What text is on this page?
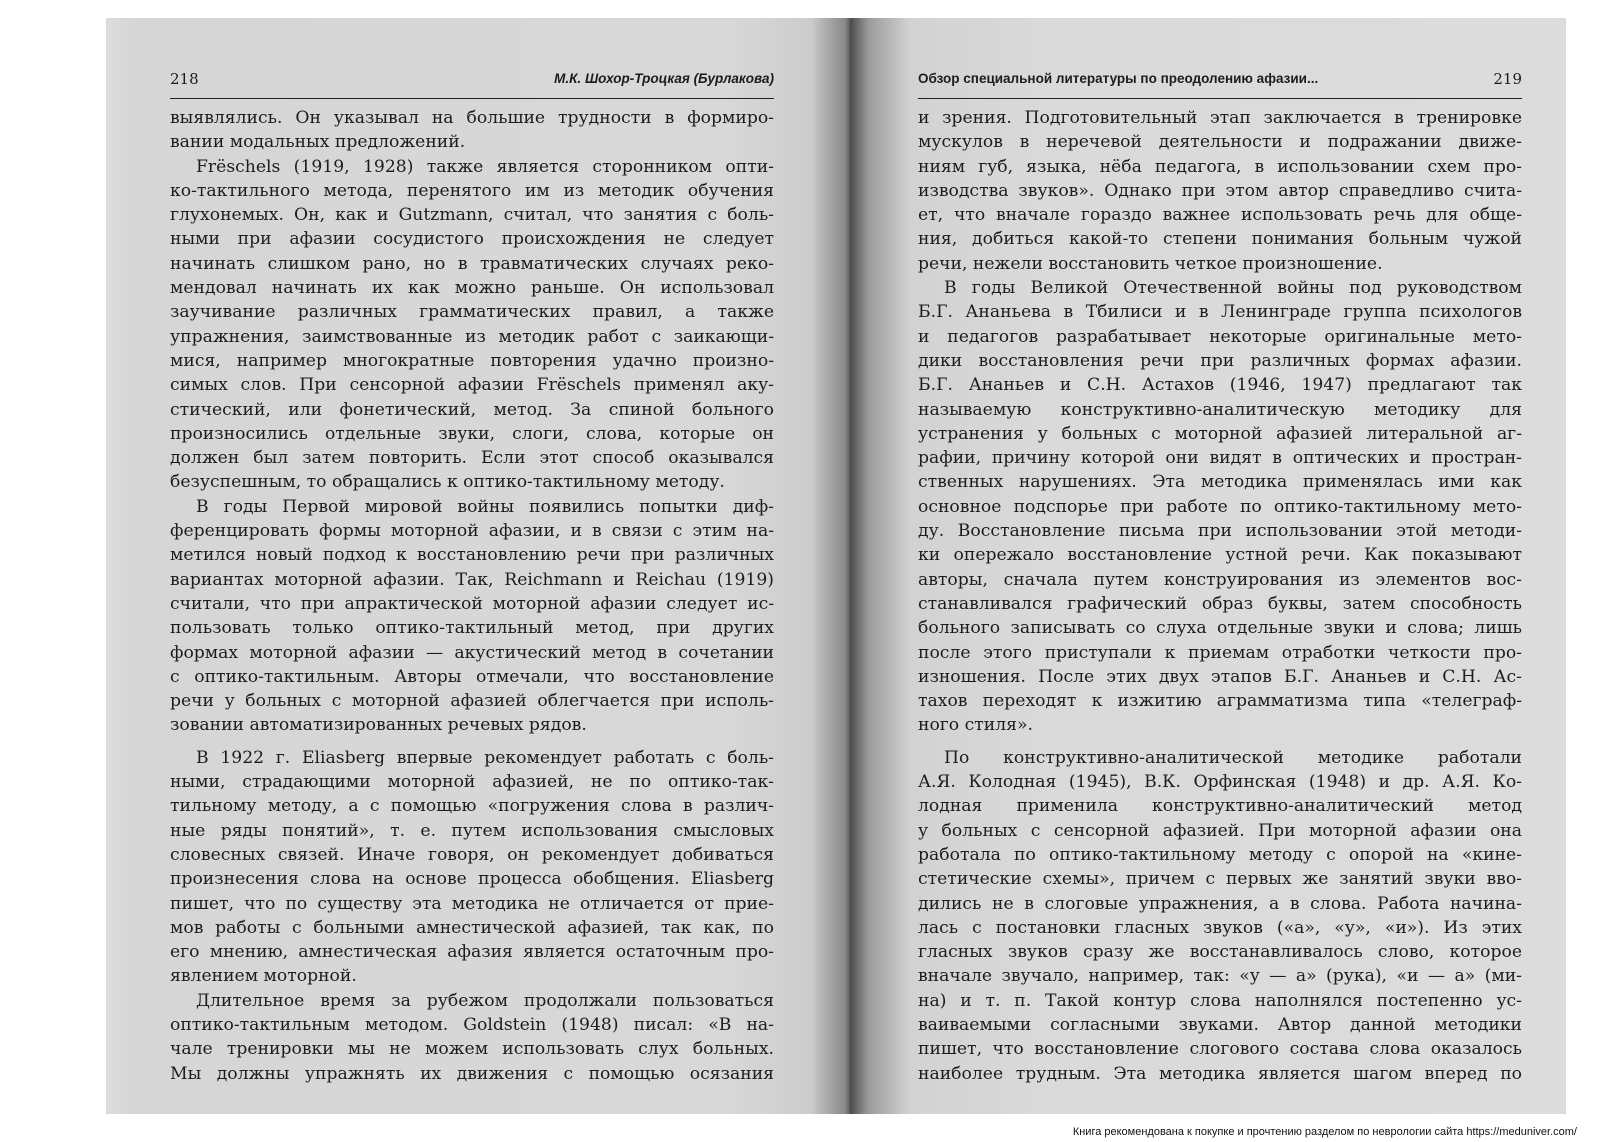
218	М.К. Шохор-Троцкая (Бурлакова)
выявлялись. Он указывал на большие трудности в формиро-
вании модальных предложений.
Frëschels (1919, 1928) также является сторонником опти-
ко-тактильного метода, перенятого им из методик обучения
глухонемых. Он, как и Gutzmann, считал, что занятия с боль-
ными при афазии сосудистого происхождения не следует
начинать слишком рано, но в травматических случаях реко-
мендовал начинать их как можно раньше. Он использовал
заучивание различных грамматических правил, а также
упражнения, заимствованные из методик работ с заикающи-
мися, например многократные повторения удачно произно-
симых слов. При сенсорной афазии Frëschels применял аку-
стический, или фонетический, метод. За спиной больного
произносились отдельные звуки, слоги, слова, которые он
должен был затем повторить. Если этот способ оказывался
безуспешным, то обращались к оптико-тактильному методу.
В годы Первой мировой войны появились попытки диф-
ференцировать формы моторной афазии, и в связи с этим на-
метился новый подход к восстановлению речи при различных
вариантах моторной афазии. Так, Reichmann и Reichau (1919)
считали, что при апрактической моторной афазии следует ис-
пользовать только оптико-тактильный метод, при других
формах моторной афазии — акустический метод в сочетании
с оптико-тактильным. Авторы отмечали, что восстановление
речи у больных с моторной афазией облегчается при исполь-
зовании автоматизированных речевых рядов.
В 1922 г. Eliasberg впервые рекомендует работать с боль-
ными, страдающими моторной афазией, не по оптико-так-
тильному методу, а с помощью «погружения слова в различ-
ные ряды понятий», т. е. путем использования смысловых
словесных связей. Иначе говоря, он рекомендует добиваться
произнесения слова на основе процесса обобщения. Eliasberg
пишет, что по существу эта методика не отличается от прие-
мов работы с больными амнестической афазией, так как, по
его мнению, амнестическая афазия является остаточным про-
явлением моторной.
Длительное время за рубежом продолжали пользоваться
оптико-тактильным методом. Goldstein (1948) писал: «В на-
чале тренировки мы не можем использовать слух больных.
Мы должны упражнять их движения с помощью осязания
Обзор специальной литературы по преодолению афазии...	219
и зрения. Подготовительный этап заключается в тренировке
мускулов в неречевой деятельности и подражании движе-
ниям губ, языка, нёба педагога, в использовании схем про-
изводства звуков». Однако при этом автор справедливо счита-
ет, что вначале гораздо важнее использовать речь для обще-
ния, добиться какой-то степени понимания больным чужой
речи, нежели восстановить четкое произношение.
В годы Великой Отечественной войны под руководством
Б.Г. Ананьева в Тбилиси и в Ленинграде группа психологов
и педагогов разрабатывает некоторые оригинальные мето-
дики восстановления речи при различных формах афазии.
Б.Г. Ананьев и С.Н. Астахов (1946, 1947) предлагают так
называемую конструктивно-аналитическую методику для
устранения у больных с моторной афазией литеральной аг-
рафии, причину которой они видят в оптических и простран-
ственных нарушениях. Эта методика применялась ими как
основное подспорье при работе по оптико-тактильному мето-
ду. Восстановление письма при использовании этой методи-
ки опережало восстановление устной речи. Как показывают
авторы, сначала путем конструирования из элементов вос-
станавливался графический образ буквы, затем способность
больного записывать со слуха отдельные звуки и слова; лишь
после этого приступали к приемам отработки четкости про-
изношения. После этих двух этапов Б.Г. Ананьев и С.Н. Ас-
тахов переходят к изжитию аграмматизма типа «телеграф-
ного стиля».
По конструктивно-аналитической методике работали
А.Я. Колодная (1945), В.К. Орфинская (1948) и др. А.Я. Ко-
лодная применила конструктивно-аналитический метод
у больных с сенсорной афазией. При моторной афазии она
работала по оптико-тактильному методу с опорой на «кине-
стетические схемы», причем с первых же занятий звуки вво-
дились не в слоговые упражнения, а в слова. Работа начина-
лась с постановки гласных звуков («а», «у», «и»). Из этих
гласных звуков сразу же восстанавливалось слово, которое
вначале звучало, например, так: «у — а» (рука), «и — а» (ми-
на) и т. п. Такой контур слова наполнялся постепенно ус-
ваиваемыми согласными звуками. Автор данной методики
пишет, что восстановление слогового состава слова оказалось
наиболее трудным. Эта методика является шагом вперед по
Книга рекомендована к покупке и прочтению разделом по неврологии сайта https://meduniver.com/
